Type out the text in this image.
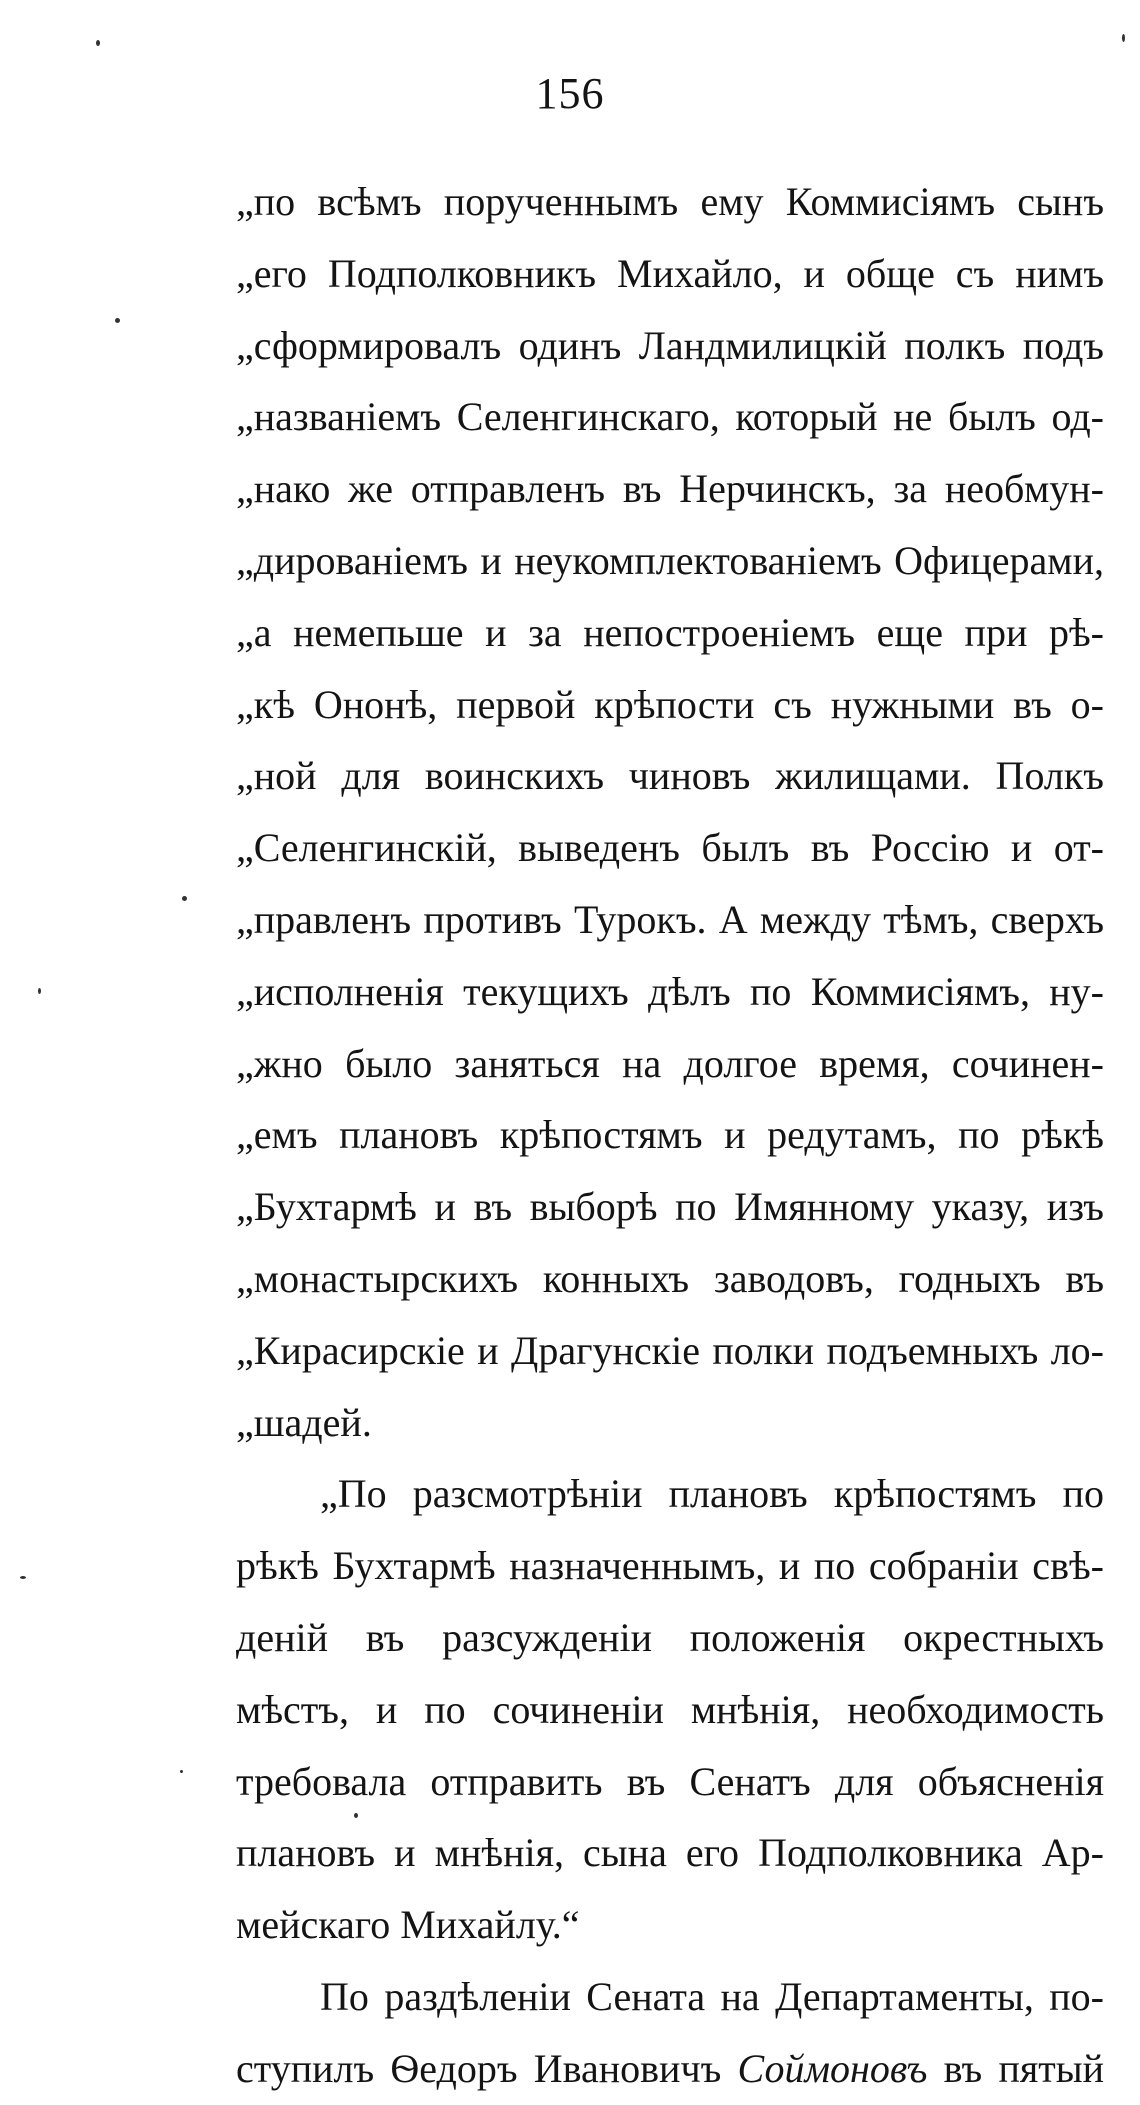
156
„по всѣмъ порученнымъ ему Коммисiямъ сынъ
„его Подполковникъ Михайло, и обще съ нимъ
„сформировалъ одинъ Ландмилицкiй полкъ подъ
„названiемъ Селенгинскаго, который не былъ од-
„нако же отправленъ въ Нерчинскъ, за необмун-
„дированiемъ и неукомплектованiемъ Офицерами,
„а немепьше и за непостроенiемъ еще при рѣ-
„кѣ Ононѣ, первой крѣпости съ нужными въ о-
„ной для воинскихъ чиновъ жилищами. Полкъ
„Селенгинскiй, выведенъ былъ въ Россiю и от-
„правленъ противъ Турокъ. А между тѣмъ, сверхъ
„исполненiя текущихъ дѣлъ по Коммисiямъ, ну-
„жно было заняться на долгое время, сочинен-
„емъ плановъ крѣпостямъ и редутамъ, по рѣкѣ
„Бухтармѣ и въ выборѣ по Имянному указу, изъ
„монастырскихъ конныхъ заводовъ, годныхъ въ
„Кирасирскiе и Драгунскiе полки подъемныхъ ло-
„шадей.
„По разсмотрѣнiи плановъ крѣпостямъ по
рѣкѣ Бухтармѣ назначеннымъ, и по собранiи свѣ-
денiй въ разсужденiи положенiя окрестныхъ
мѣстъ, и по сочиненiи мнѣнiя, необходимость
требовала отправить въ Сенатъ для объясненiя
плановъ и мнѣнiя, сына его Подполковника Ар-
мейскаго Михайлу.“
По раздѣленiи Сената на Департаменты, по-
ступилъ Ѳедоръ Ивановичъ Соймоновъ въ пятый
